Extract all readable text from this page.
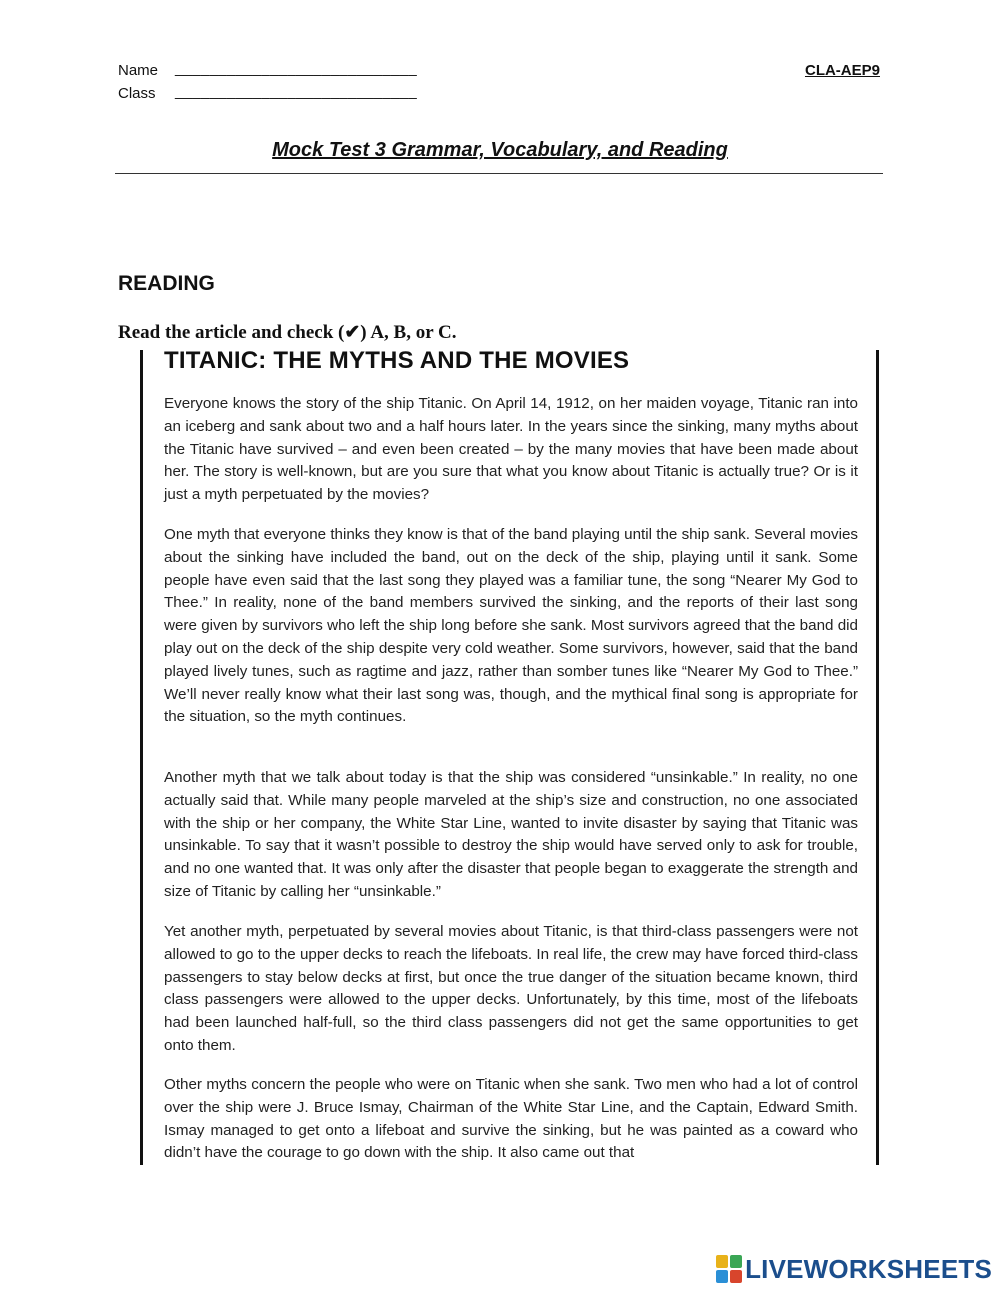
Name ____________________________
Class ____________________________
CLA-AEP9
Mock Test 3 Grammar, Vocabulary, and Reading
READING
Read the article and check (✔) A, B, or C.
TITANIC: THE MYTHS AND THE MOVIES
Everyone knows the story of the ship Titanic. On April 14, 1912, on her maiden voyage, Titanic ran into an iceberg and sank about two and a half hours later. In the years since the sinking, many myths about the Titanic have survived – and even been created – by the many movies that have been made about her. The story is well-known, but are you sure that what you know about Titanic is actually true? Or is it just a myth perpetuated by the movies?
One myth that everyone thinks they know is that of the band playing until the ship sank. Several movies about the sinking have included the band, out on the deck of the ship, playing until it sank. Some people have even said that the last song they played was a familiar tune, the song “Nearer My God to Thee.” In reality, none of the band members survived the sinking, and the reports of their last song were given by survivors who left the ship long before she sank. Most survivors agreed that the band did play out on the deck of the ship despite very cold weather. Some survivors, however, said that the band played lively tunes, such as ragtime and jazz, rather than somber tunes like “Nearer My God to Thee.” We’ll never really know what their last song was, though, and the mythical final song is appropriate for the situation, so the myth continues.
Another myth that we talk about today is that the ship was considered “unsinkable.” In reality, no one actually said that. While many people marveled at the ship’s size and construction, no one associated with the ship or her company, the White Star Line, wanted to invite disaster by saying that Titanic was unsinkable. To say that it wasn’t possible to destroy the ship would have served only to ask for trouble, and no one wanted that. It was only after the disaster that people began to exaggerate the strength and size of Titanic by calling her “unsinkable.”
Yet another myth, perpetuated by several movies about Titanic, is that third-class passengers were not allowed to go to the upper decks to reach the lifeboats. In real life, the crew may have forced third-class passengers to stay below decks at first, but once the true danger of the situation became known, third class passengers were allowed to the upper decks. Unfortunately, by this time, most of the lifeboats had been launched half-full, so the third class passengers did not get the same opportunities to get onto them.
Other myths concern the people who were on Titanic when she sank. Two men who had a lot of control over the ship were J. Bruce Ismay, Chairman of the White Star Line, and the Captain, Edward Smith. Ismay managed to get onto a lifeboat and survive the sinking, but he was painted as a coward who didn’t have the courage to go down with the ship. It also came out that
LIVEWORKSHEETS
